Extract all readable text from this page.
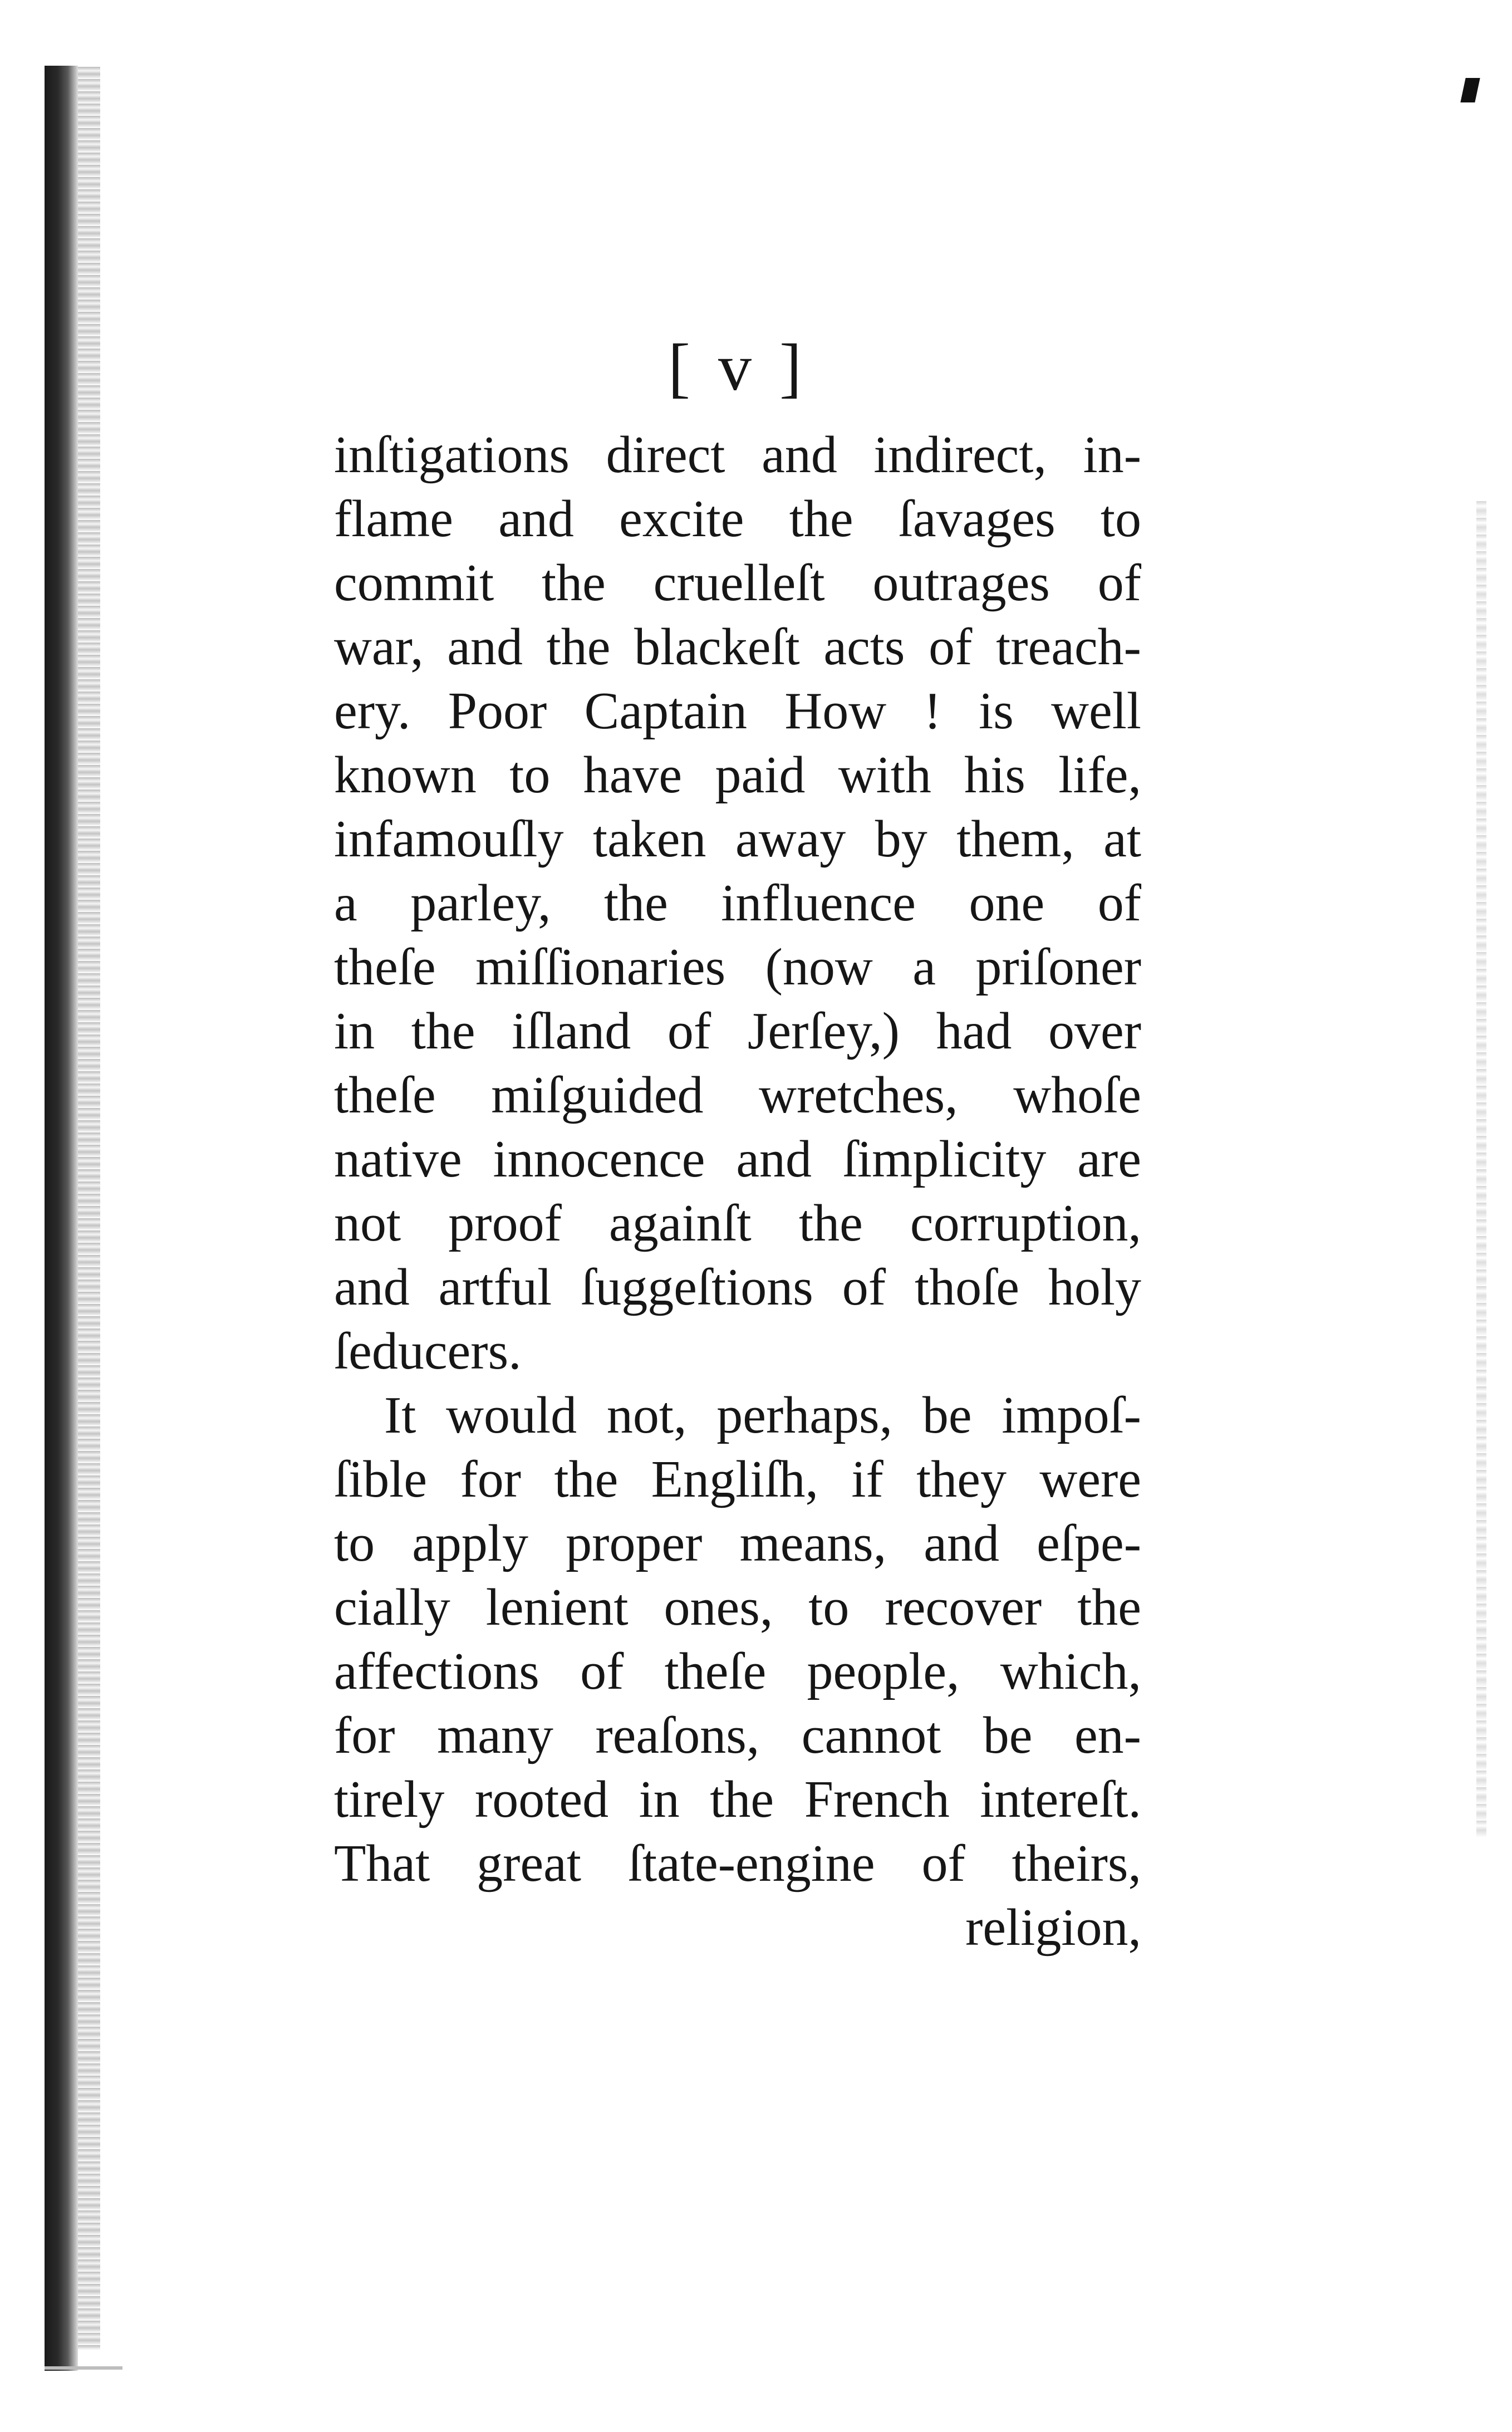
[ v ]
inſtigations direct and indirect, in-
flame and excite the ſavages to
commit the cruelleſt outrages of
war, and the blackeſt acts of treach-
ery. Poor Captain How ! is well
known to have paid with his life,
infamouſly taken away by them, at
a parley, the influence one of
theſe miſſionaries (now a priſoner
in the iſland of Jerſey,) had over
theſe miſguided wretches, whoſe
native innocence and ſimplicity are
not proof againſt the corruption,
and artful ſuggeſtions of thoſe holy
ſeducers.
It would not, perhaps, be impoſ-
ſible for the Engliſh, if they were
to apply proper means, and eſpe-
cially lenient ones, to recover the
affections of theſe people, which,
for many reaſons, cannot be en-
tirely rooted in the French intereſt.
That great ſtate-engine of theirs,
religion,
